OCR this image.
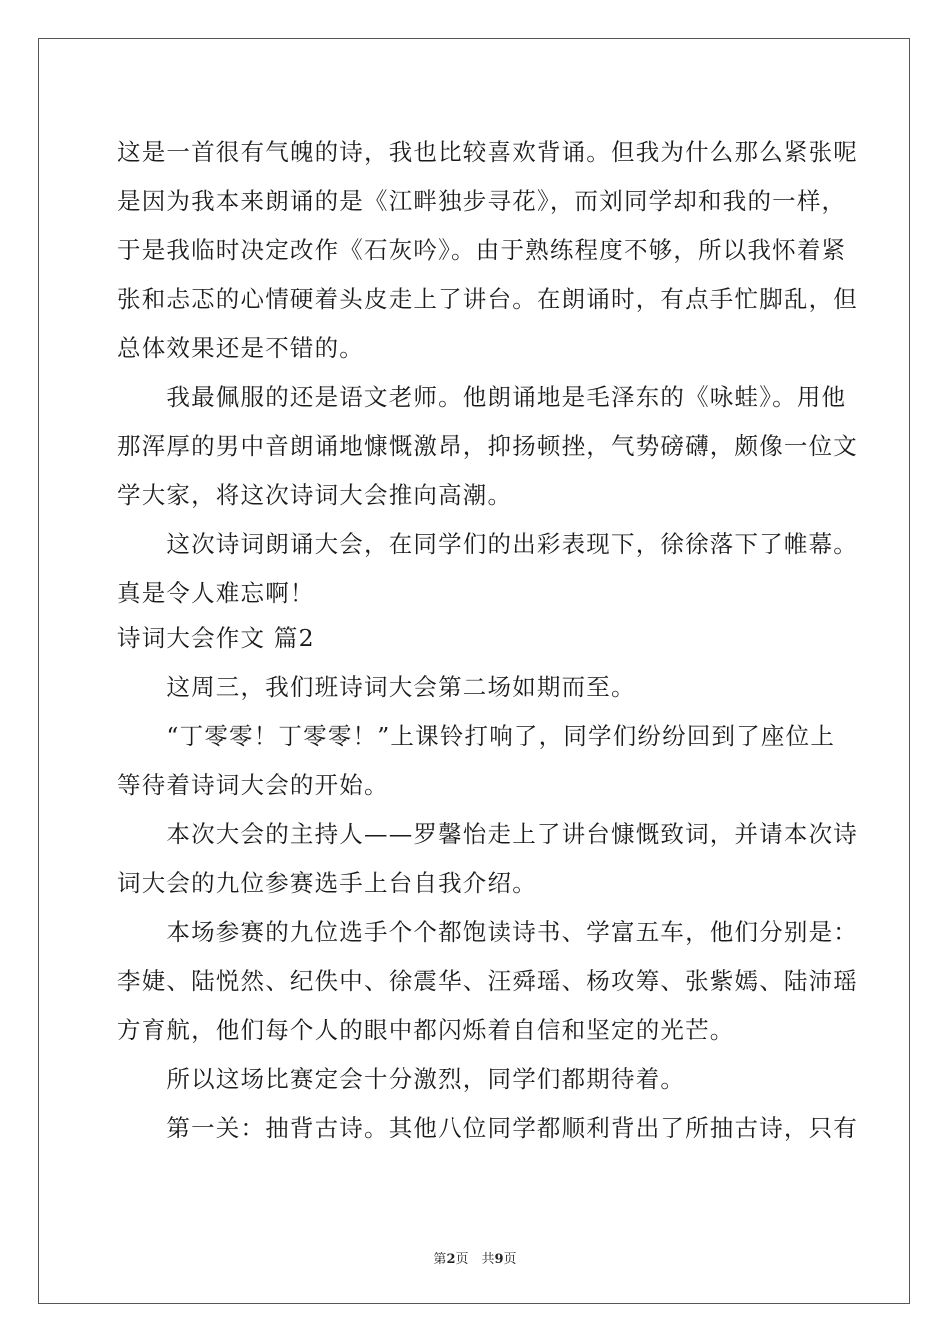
这是一首很有气魄的诗，我也比较喜欢背诵。但我为什么那么紧张呢
是因为我本来朗诵的是《江畔独步寻花》，而刘同学却和我的一样，
于是我临时决定改作《石灰吟》。由于熟练程度不够，所以我怀着紧
张和忐忑的心情硬着头皮走上了讲台。在朗诵时，有点手忙脚乱，但
总体效果还是不错的。
　　我最佩服的还是语文老师。他朗诵地是毛泽东的《咏蛙》。用他
那浑厚的男中音朗诵地慷慨激昂，抑扬顿挫，气势磅礴，颇像一位文
学大家，将这次诗词大会推向高潮。
　　这次诗词朗诵大会，在同学们的出彩表现下，徐徐落下了帷幕。
真是令人难忘啊！
诗词大会作文 篇2
　　这周三，我们班诗词大会第二场如期而至。
　　“丁零零！丁零零！”上课铃打响了，同学们纷纷回到了座位上
等待着诗词大会的开始。
　　本次大会的主持人——罗馨怡走上了讲台慷慨致词，并请本次诗
词大会的九位参赛选手上台自我介绍。
　　本场参赛的九位选手个个都饱读诗书、学富五车，他们分别是：
李婕、陆悦然、纪佚中、徐震华、汪舜瑶、杨攻筹、张紫嫣、陆沛瑶
方育航，他们每个人的眼中都闪烁着自信和坚定的光芒。
　　所以这场比赛定会十分激烈，同学们都期待着。
　　第一关：抽背古诗。其他八位同学都顺利背出了所抽古诗，只有
第2页　共9页
